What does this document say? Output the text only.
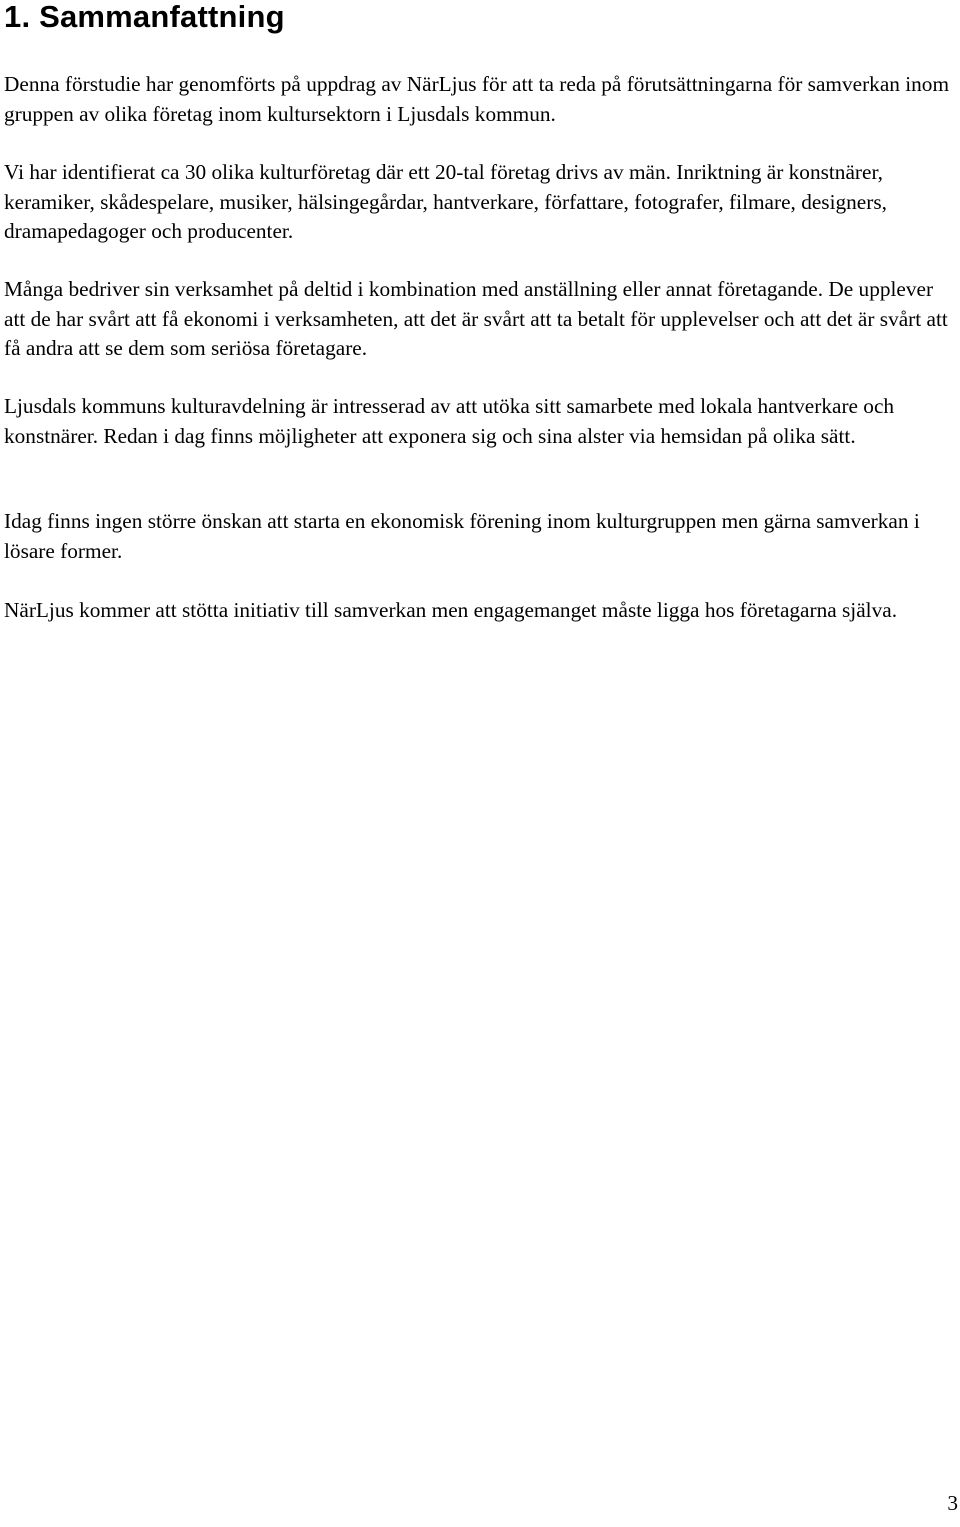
1. Sammanfattning

Denna förstudie har genomförts på uppdrag av NärLjus för att ta reda på förutsättningarna för samverkan inom gruppen av olika företag inom kultursektorn i Ljusdals kommun.

Vi har identifierat ca 30 olika kulturföretag där ett 20-tal företag drivs av män. Inriktning är konstnärer, keramiker, skådespelare, musiker, hälsingegårdar, hantverkare, författare, fotografer, filmare, designers, dramapedagoger och producenter.

Många bedriver sin verksamhet på deltid i kombination med anställning eller annat företagande. De upplever att de har svårt att få ekonomi i verksamheten, att det är svårt att ta betalt för upplevelser och att det är svårt att få andra att se dem som seriösa företagare.

Ljusdals kommuns kulturavdelning är intresserad av att utöka sitt samarbete med lokala hantverkare och konstnärer. Redan i dag finns möjligheter att exponera sig och sina alster via hemsidan på olika sätt.

Idag finns ingen större önskan att starta en ekonomisk förening inom kulturgruppen men gärna samverkan i lösare former.

NärLjus kommer att stötta initiativ till samverkan men engagemanget måste ligga hos företagarna själva.

3
